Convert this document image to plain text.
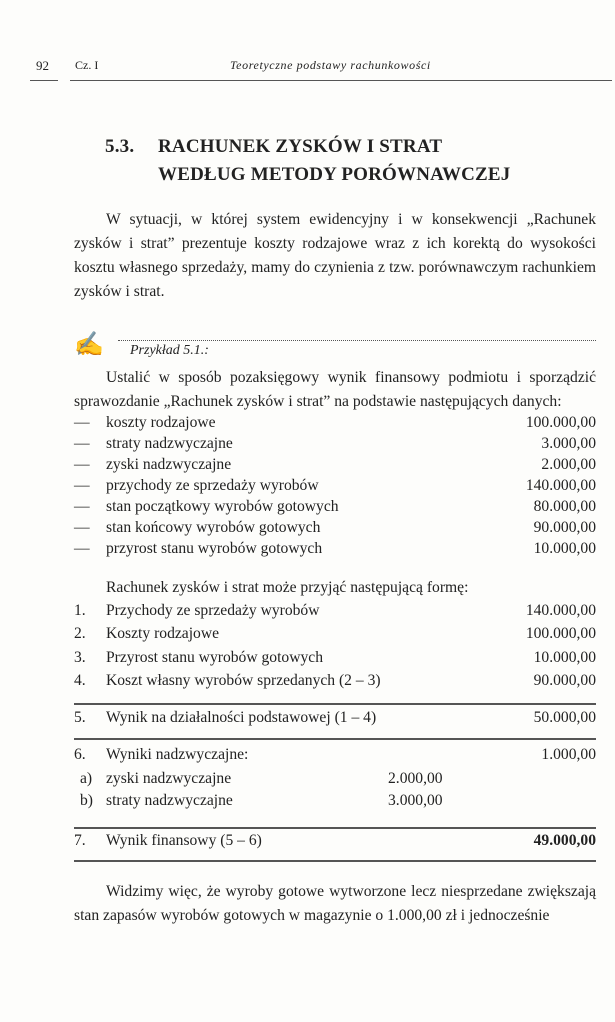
92 Cz. I	Teoretyczne podstawy rachunkowości
5.3. RACHUNEK ZYSKÓW I STRAT
WEDŁUG METODY PORÓWNAWCZEJ
W sytuacji, w której system ewidencyjny i w konsekwencji „Rachunek zysków i strat” prezentuje koszty rodzajowe wraz z ich korektą do wysokości kosztu własnego sprzedaży, mamy do czynienia z tzw. porównawczym rachunkiem zysków i strat.
✍ Przykład 5.1.:
Ustalić w sposób pozaksięgowy wynik finansowy podmiotu i sporządzić sprawozdanie „Rachunek zysków i strat” na podstawie następujących danych:
— koszty rodzajowe	100.000,00
— straty nadzwyczajne	3.000,00
— zyski nadzwyczajne	2.000,00
— przychody ze sprzedaży wyrobów	140.000,00
— stan początkowy wyrobów gotowych	80.000,00
— stan końcowy wyrobów gotowych	90.000,00
— przyrost stanu wyrobów gotowych	10.000,00
Rachunek zysków i strat może przyjąć następującą formę:
1. Przychody ze sprzedaży wyrobów	140.000,00
2. Koszty rodzajowe	100.000,00
3. Przyrost stanu wyrobów gotowych	10.000,00
4. Koszt własny wyrobów sprzedanych (2 – 3)	90.000,00
5. Wynik na działalności podstawowej (1 – 4)	50.000,00
6. Wyniki nadzwyczajne:	1.000,00
a) zyski nadzwyczajne	2.000,00
b) straty nadzwyczajne	3.000,00
7. Wynik finansowy (5 – 6)	49.000,00
Widzimy więc, że wyroby gotowe wytworzone lecz niesprzedane zwiększają stan zapasów wyrobów gotowych w magazynie o 1.000,00 zł i jednocześnie
